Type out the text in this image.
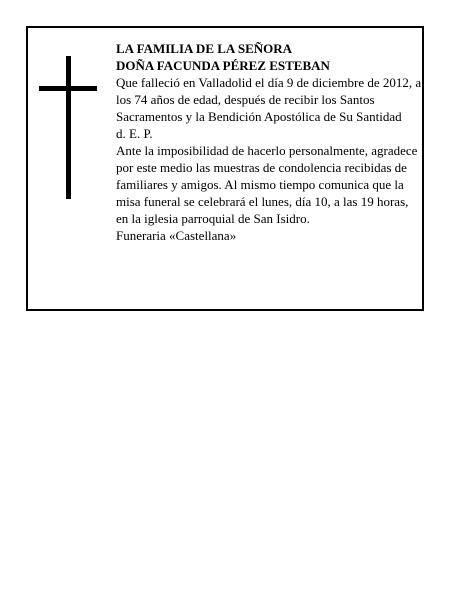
LA FAMILIA DE LA SEÑORA

DOÑA FACUNDA PÉREZ ESTEBAN

Que falleció en Valladolid el día 9 de diciembre de 2012, a los 74 años de edad, después de recibir los Santos Sacramentos y la Bendición Apostólica de Su Santidad

d. E. P.

Ante la imposibilidad de hacerlo personalmente, agradece por este medio las muestras de condolencia recibidas de familiares y amigos. Al mismo tiempo comunica que la misa funeral se celebrará el lunes, día 10, a las 19 horas, en la iglesia parroquial de San Isidro.

Funeraria «Castellana»
